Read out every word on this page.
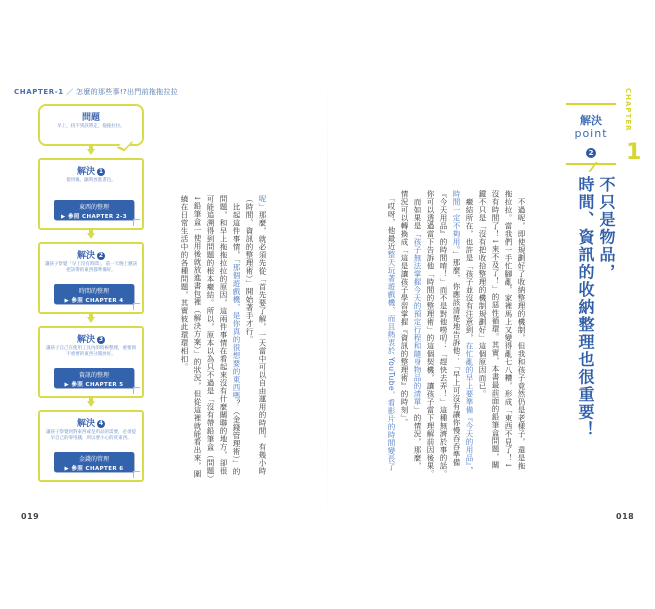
CHAPTER-1 ／ 怎麼的那些事!?出門前拖拖拉拉
問題
早上，找不到該帶走，拖拖拉拉。
解決 1
使用後，隨時放進書包。
東西的整理
▶ 參照 CHAPTER 2-3
解決 2
讓孩子察覺「早上沒有時間」，前一天晚上應該把該帶的東西都準備好。
時間的整理
▶ 參照 CHAPTER 4
解決 3
讓孩子自己在使用工具內的時候整理，重要與不重要的東西分開放好。
資訊的整理
▶ 參照 CHAPTER 5
解決 4
讓孩子察覺到對東西或是用品的需要，必須提早自己的零用錢，所以要小心的買東西。
金錢的管理
▶ 參照 CHAPTER 6
呢」那麼，就必須先從「首先要了解，一天當中可以自由運用的時間，有幾小時
（時間、資訊的整理術）」開始著手才行。
　比起這件事情，「那個遊戲機，是你真的很想要的東西嗎？（金錢管理術）」的
問題，和早上拖拖拉拉的原因，這兩件事情在看起來沒有什麼關聯的地方，卻很
可能追溯得到問題的根本癥結。所以，原本以為只不過是「沒有帶鉛筆盒（問題）
↓鉛筆盒一使用後就放進書包裡（解決方案）」的狀況，但從這裡就能看出來，圍
繞在日常生活中的各種問題，其實彼此環環相扣。
019
　不過呢，即使規劃好了收納整理的機制，但我和孩子竟然仍是老樣子，還是拖
拖拉拉。當我們一手忙腳亂，家裡馬上又變得亂七八糟，形成「東西不見了！↓
沒有時間了！↓來不及了！」的惡性循環。其實，本書最前面的鉛筆盒問題，關
鍵不只是「沒有把收拾整理的機制規劃好」這個原因而已。
　癥結所在，也許是「孩子並沒有注意到，在忙亂的早上要準備『今天的用品』，
時間一定不夠用。」那麼，你應該清楚地告訴他：「早上可沒有讓你慢吞吞準備
『今天用品』的時間唷！」而不是對他嘮叨：「趕快去弄！」這種無濟於事的話。
你可以透過當下告訴他「時間的整理術」的這個契機，讓孩子當下理解前因後果。
　而如果是「孩子無法掌握今天的預定行程和隨身物品的清單」的情況，那麼，
情況可以轉換成「這是讓孩子學習掌握『資訊的整理術』的時刻」。
　「哎呀，他最近整天玩著遊戲機，而且熱衷於 YouTube，看影片的時間變長了
解決
point
2
CHAPTER
1
不只是物品，
時間、資訊的收納整理也很重要！
018
